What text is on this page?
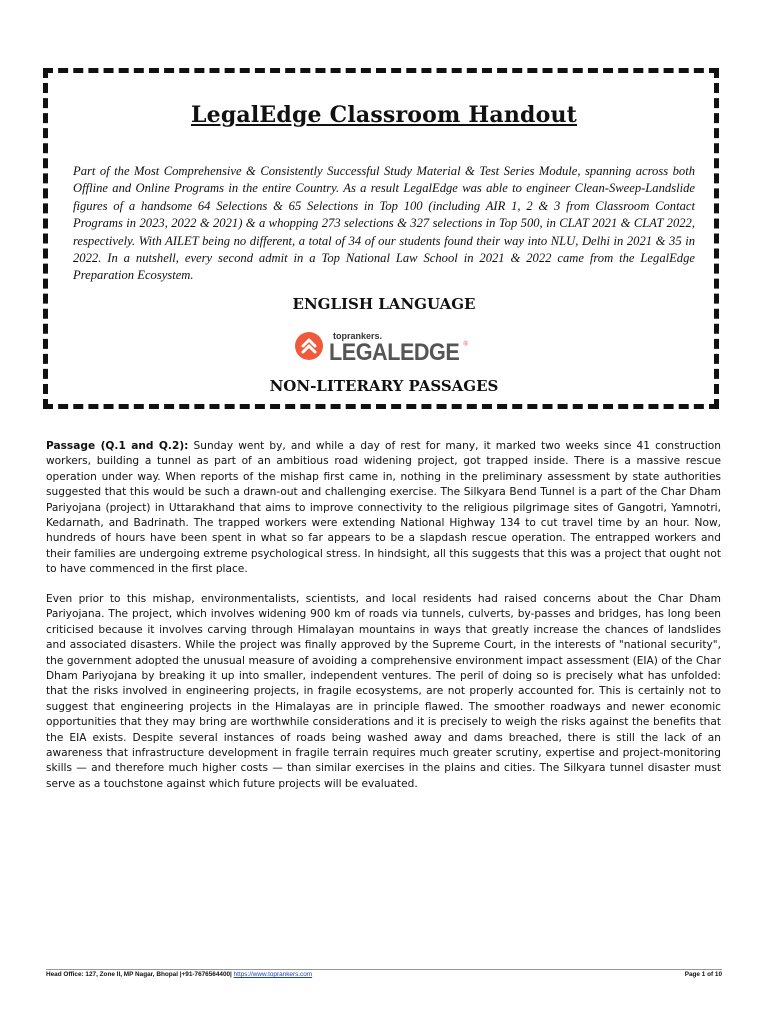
LegalEdge Classroom Handout
Part of the Most Comprehensive & Consistently Successful Study Material & Test Series Module, spanning across both Offline and Online Programs in the entire Country. As a result LegalEdge was able to engineer Clean-Sweep-Landslide figures of a handsome 64 Selections & 65 Selections in Top 100 (including AIR 1, 2 & 3 from Classroom Contact Programs in 2023, 2022 & 2021) & a whopping 273 selections & 327 selections in Top 500, in CLAT 2021 & CLAT 2022, respectively. With AILET being no different, a total of 34 of our students found their way into NLU, Delhi in 2021 & 35 in 2022. In a nutshell, every second admit in a Top National Law School in 2021 & 2022 came from the LegalEdge Preparation Ecosystem.
ENGLISH LANGUAGE
toprankers.
LEGALEDGE ®
NON-LITERARY PASSAGES
Passage (Q.1 and Q.2): Sunday went by, and while a day of rest for many, it marked two weeks since 41 construction workers, building a tunnel as part of an ambitious road widening project, got trapped inside. There is a massive rescue operation under way. When reports of the mishap first came in, nothing in the preliminary assessment by state authorities suggested that this would be such a drawn-out and challenging exercise. The Silkyara Bend Tunnel is a part of the Char Dham Pariyojana (project) in Uttarakhand that aims to improve connectivity to the religious pilgrimage sites of Gangotri, Yamnotri, Kedarnath, and Badrinath. The trapped workers were extending National Highway 134 to cut travel time by an hour. Now, hundreds of hours have been spent in what so far appears to be a slapdash rescue operation. The entrapped workers and their families are undergoing extreme psychological stress. In hindsight, all this suggests that this was a project that ought not to have commenced in the first place.
Even prior to this mishap, environmentalists, scientists, and local residents had raised concerns about the Char Dham Pariyojana. The project, which involves widening 900 km of roads via tunnels, culverts, by-passes and bridges, has long been criticised because it involves carving through Himalayan mountains in ways that greatly increase the chances of landslides and associated disasters. While the project was finally approved by the Supreme Court, in the interests of "national security", the government adopted the unusual measure of avoiding a comprehensive environment impact assessment (EIA) of the Char Dham Pariyojana by breaking it up into smaller, independent ventures. The peril of doing so is precisely what has unfolded: that the risks involved in engineering projects, in fragile ecosystems, are not properly accounted for. This is certainly not to suggest that engineering projects in the Himalayas are in principle flawed. The smoother roadways and newer economic opportunities that they may bring are worthwhile considerations and it is precisely to weigh the risks against the benefits that the EIA exists. Despite several instances of roads being washed away and dams breached, there is still the lack of an awareness that infrastructure development in fragile terrain requires much greater scrutiny, expertise and project-monitoring skills — and therefore much higher costs — than similar exercises in the plains and cities. The Silkyara tunnel disaster must serve as a touchstone against which future projects will be evaluated.
Head Office: 127, Zone II, MP Nagar, Bhopal |+91-7676564400| https://www.toprankers.com	Page 1 of 10
